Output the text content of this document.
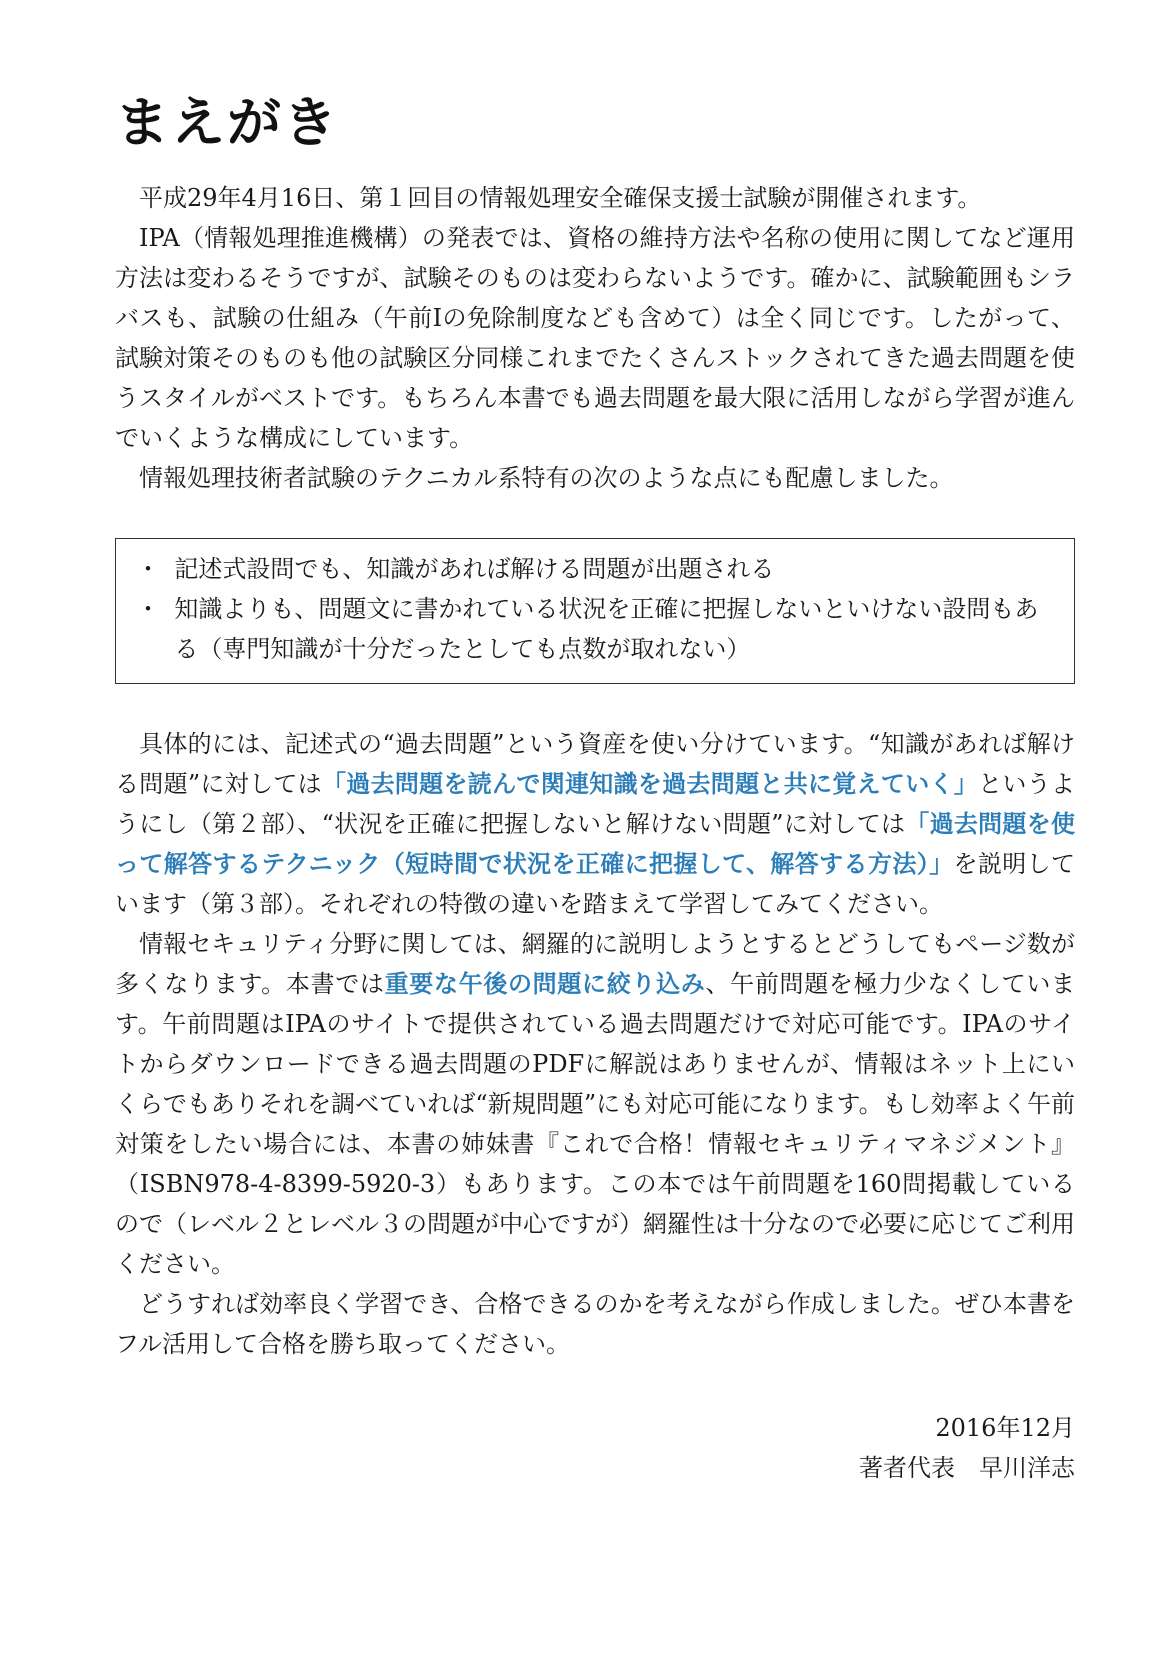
まえがき

平成29年4月16日、第１回目の情報処理安全確保支援士試験が開催されます。

IPA（情報処理推進機構）の発表では、資格の維持方法や名称の使用に関してなど運用方法は変わるそうですが、試験そのものは変わらないようです。確かに、試験範囲もシラバスも、試験の仕組み（午前Ⅰの免除制度なども含めて）は全く同じです。したがって、試験対策そのものも他の試験区分同様これまでたくさんストックされてきた過去問題を使うスタイルがベストです。もちろん本書でも過去問題を最大限に活用しながら学習が進んでいくような構成にしています。

情報処理技術者試験のテクニカル系特有の次のような点にも配慮しました。

・ 記述式設問でも、知識があれば解ける問題が出題される
・ 知識よりも、問題文に書かれている状況を正確に把握しないといけない設問もある（専門知識が十分だったとしても点数が取れない）

具体的には、記述式の“過去問題”という資産を使い分けています。“知識があれば解ける問題”に対しては「過去問題を読んで関連知識を過去問題と共に覚えていく」というようにし（第２部）、“状況を正確に把握しないと解けない問題”に対しては「過去問題を使って解答するテクニック（短時間で状況を正確に把握して、解答する方法）」を説明しています（第３部）。それぞれの特徴の違いを踏まえて学習してみてください。

情報セキュリティ分野に関しては、網羅的に説明しようとするとどうしてもページ数が多くなります。本書では重要な午後の問題に絞り込み、午前問題を極力少なくしています。午前問題はIPAのサイトで提供されている過去問題だけで対応可能です。IPAのサイトからダウンロードできる過去問題のPDFに解説はありませんが、情報はネット上にいくらでもありそれを調べていれば“新規問題”にも対応可能になります。もし効率よく午前対策をしたい場合には、本書の姉妹書『これで合格！情報セキュリティマネジメント』（ISBN978-4-8399-5920-3）もあります。この本では午前問題を160問掲載しているので（レベル２とレベル３の問題が中心ですが）網羅性は十分なので必要に応じてご利用ください。

どうすれば効率良く学習でき、合格できるのかを考えながら作成しました。ぜひ本書をフル活用して合格を勝ち取ってください。

2016年12月
著者代表　早川洋志
